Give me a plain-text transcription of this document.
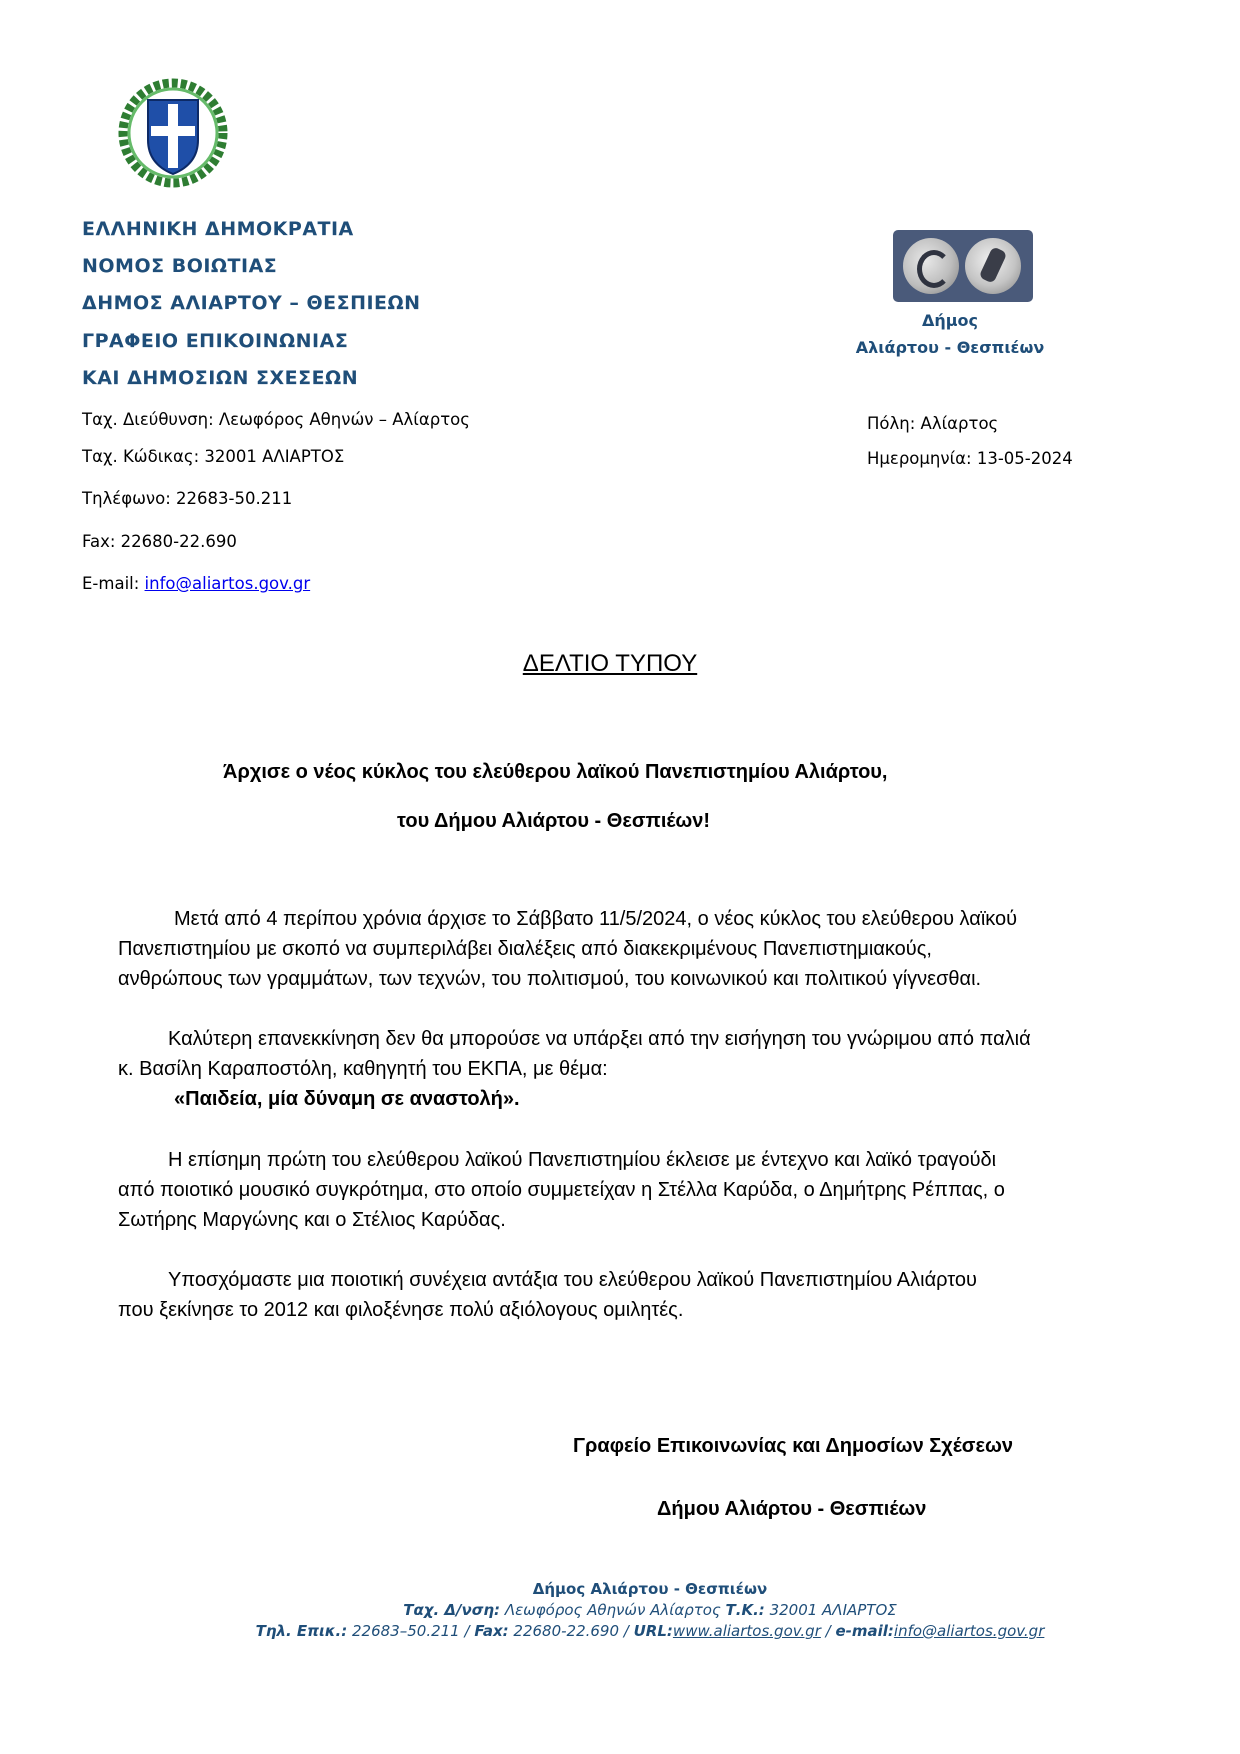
ΕΛΛΗΝΙΚΗ ΔΗΜΟΚΡΑΤΙΑ
ΝΟΜΟΣ ΒΟΙΩΤΙΑΣ
ΔΗΜΟΣ ΑΛΙΑΡΤΟΥ – ΘΕΣΠΙΕΩΝ
ΓΡΑΦΕΙΟ ΕΠΙΚΟΙΝΩΝΙΑΣ
ΚΑΙ ΔΗΜΟΣΙΩΝ ΣΧΕΣΕΩΝ
Ταχ. Διεύθυνση: Λεωφόρος Αθηνών – Αλίαρτος
Ταχ. Κώδικας: 32001 ΑΛΙΑΡΤΟΣ
Τηλέφωνο: 22683-50.211
Fax: 22680-22.690
E-mail: info@aliartos.gov.gr
Δήμος
Αλιάρτου - Θεσπιέων
Πόλη: Αλίαρτος
Ημερομηνία: 13-05-2024
ΔΕΛΤΙΟ ΤΥΠΟΥ
Άρχισε ο νέος κύκλος του ελεύθερου λαϊκού Πανεπιστημίου Αλιάρτου,
του Δήμου Αλιάρτου - Θεσπιέων!
Μετά από 4 περίπου χρόνια άρχισε το Σάββατο 11/5/2024, ο νέος κύκλος του ελεύθερου λαϊκού
Πανεπιστημίου με σκοπό να συμπεριλάβει διαλέξεις από διακεκριμένους Πανεπιστημιακούς,
ανθρώπους των γραμμάτων, των τεχνών, του πολιτισμού, του κοινωνικού και πολιτικού γίγνεσθαι.
Καλύτερη επανεκκίνηση δεν θα μπορούσε να υπάρξει από την εισήγηση του γνώριμου από παλιά
κ. Βασίλη Καραποστόλη, καθηγητή του ΕΚΠΑ, με θέμα:
«Παιδεία, μία δύναμη σε αναστολή».
Η επίσημη πρώτη του ελεύθερου λαϊκού Πανεπιστημίου έκλεισε με έντεχνο και λαϊκό τραγούδι
από ποιοτικό μουσικό συγκρότημα, στο οποίο συμμετείχαν η Στέλλα Καρύδα, ο Δημήτρης Ρέππας, ο
Σωτήρης Μαργώνης και ο Στέλιος Καρύδας.
Υποσχόμαστε μια ποιοτική συνέχεια αντάξια του ελεύθερου λαϊκού Πανεπιστημίου Αλιάρτου
που ξεκίνησε το 2012 και φιλοξένησε πολύ αξιόλογους ομιλητές.
Γραφείο Επικοινωνίας και Δημοσίων Σχέσεων
Δήμου Αλιάρτου - Θεσπιέων
Δήμος Αλιάρτου - Θεσπιέων
Ταχ. Δ/νση: Λεωφόρος Αθηνών Αλίαρτος Τ.Κ.: 32001 ΑΛΙΑΡΤΟΣ
Τηλ. Επικ.: 22683–50.211 / Fax: 22680-22.690 / URL:www.aliartos.gov.gr / e-mail:info@aliartos.gov.gr
